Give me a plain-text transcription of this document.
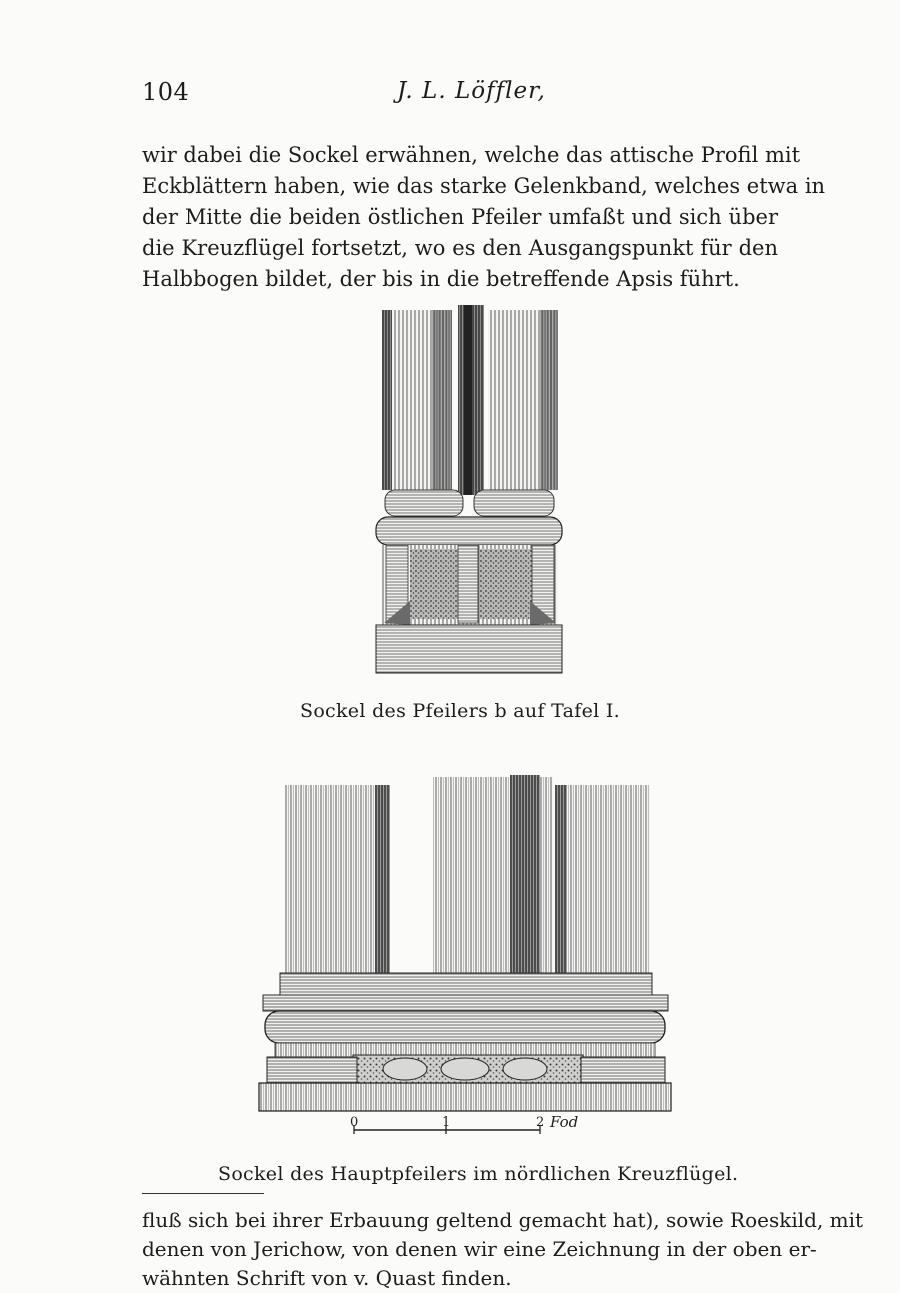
104	J. L. Löffler,
wir dabei die Sockel erwähnen, welche das attische Profil mit
Eckblättern haben, wie das starke Gelenkband, welches etwa in
der Mitte die beiden östlichen Pfeiler umfaßt und sich über
die Kreuzflügel fortsetzt, wo es den Ausgangspunkt für den
Halbbogen bildet, der bis in die betreffende Apsis führt.
Sockel des Pfeilers b auf Tafel I.
0	1	2 Fod
Sockel des Hauptpfeilers im nördlichen Kreuzflügel.
fluß sich bei ihrer Erbauung geltend gemacht hat), sowie Roeskild, mit
denen von Jerichow, von denen wir eine Zeichnung in der oben er-
wähnten Schrift von v. Quast finden.
